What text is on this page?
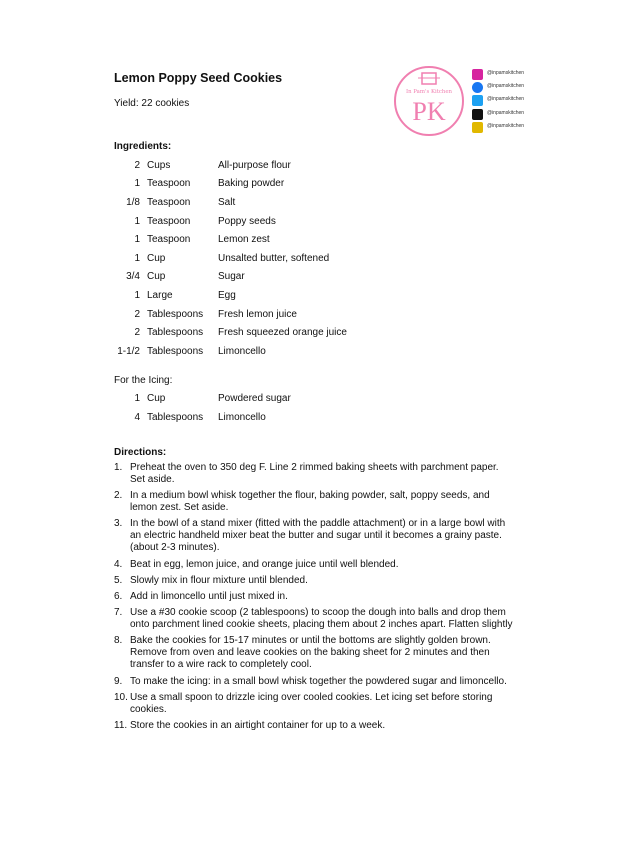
Lemon Poppy Seed Cookies
Yield: 22 cookies
In Pam's Kitchen
PK
@inpamskitchen
@inpamskitchen
@inpamskitchen
@inpamskitchen
@inpamskitchen
Ingredients:
2 Cups	All-purpose flour
1 Teaspoon	Baking powder
1/8 Teaspoon	Salt
1 Teaspoon	Poppy seeds
1 Teaspoon	Lemon zest
1 Cup	Unsalted butter, softened
3/4 Cup	Sugar
1 Large	Egg
2 Tablespoons Fresh lemon juice
2 Tablespoons Fresh squeezed orange juice
1-1/2 Tablespoons Limoncello
For the Icing:
1 Cup	Powdered sugar
4 Tablespoons Limoncello
Directions:
1. Preheat the oven to 350 deg F. Line 2 rimmed baking sheets with parchment paper. Set aside.
2. In a medium bowl whisk together the flour, baking powder, salt, poppy seeds, and lemon zest. Set aside.
3. In the bowl of a stand mixer (fitted with the paddle attachment) or in a large bowl with an electric handheld mixer beat the butter and sugar until it becomes a grainy paste. (about 2-3 minutes).
4. Beat in egg, lemon juice, and orange juice until well blended.
5. Slowly mix in flour mixture until blended.
6. Add in limoncello until just mixed in.
7. Use a #30 cookie scoop (2 tablespoons) to scoop the dough into balls and drop them onto parchment lined cookie sheets, placing them about 2 inches apart. Flatten slightly
8. Bake the cookies for 15-17 minutes or until the bottoms are slightly golden brown. Remove from oven and leave cookies on the baking sheet for 2 minutes and then transfer to a wire rack to completely cool.
9. To make the icing: in a small bowl whisk together the powdered sugar and limoncello.
10. Use a small spoon to drizzle icing over cooled cookies. Let icing set before storing cookies.
11. Store the cookies in an airtight container for up to a week.
